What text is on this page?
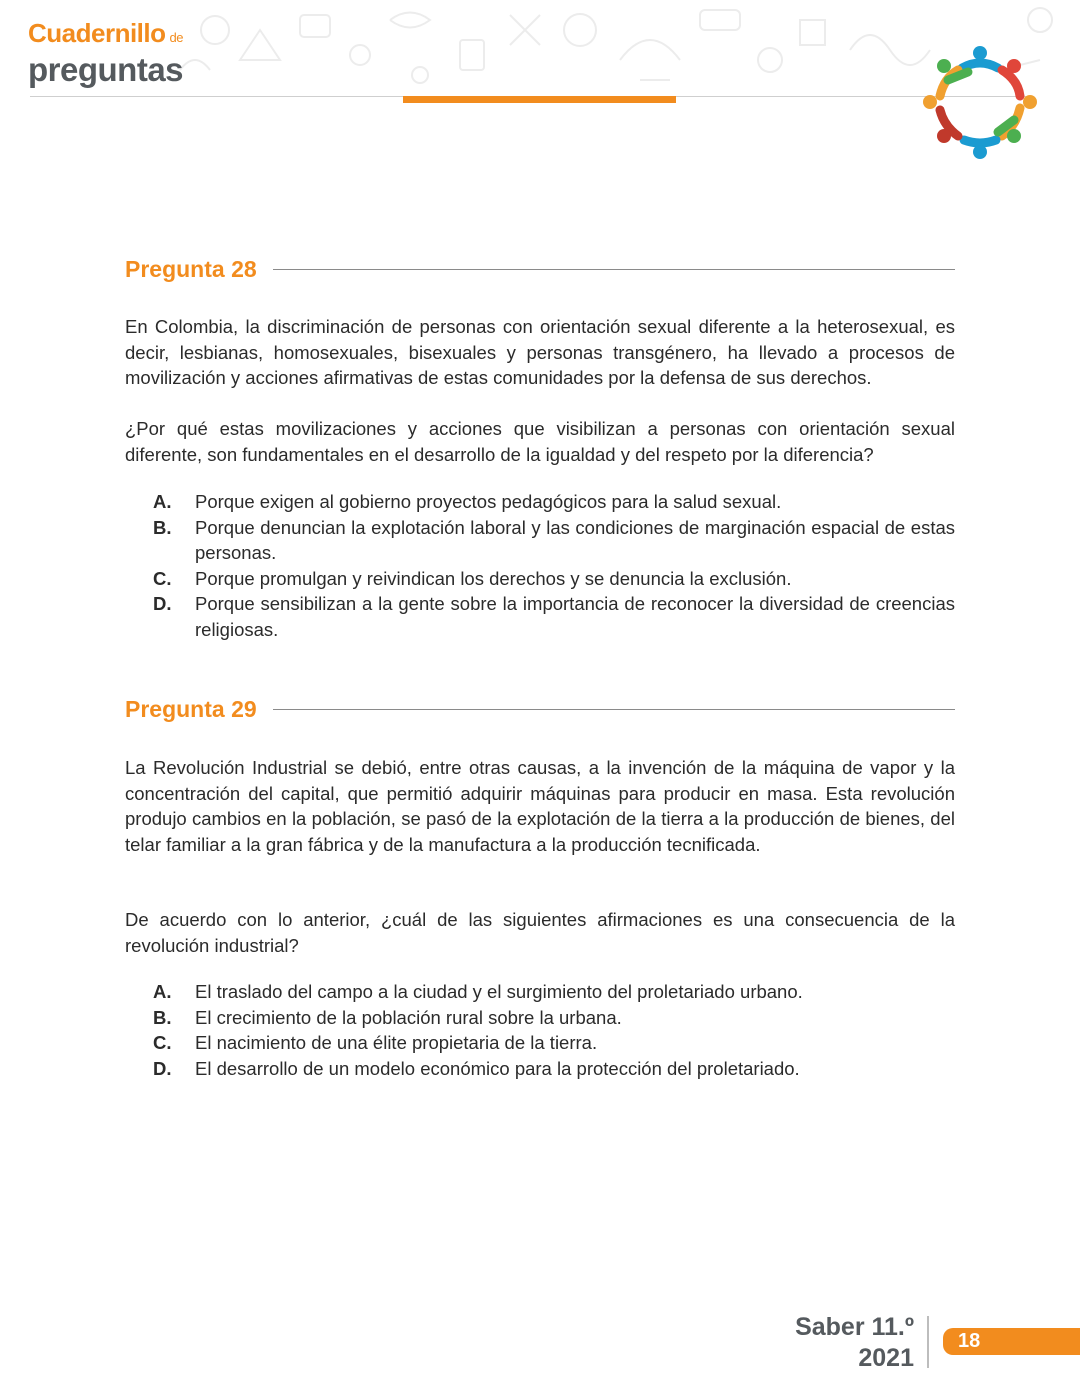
Cuadernillo de
preguntas
Pregunta 28

En Colombia, la discriminación de personas con orientación sexual diferente a la heterosexual, es decir, lesbianas, homosexuales, bisexuales y personas transgénero, ha llevado a procesos de movilización y acciones afirmativas de estas comunidades por la defensa de sus derechos.

¿Por qué estas movilizaciones y acciones que visibilizan a personas con orientación sexual diferente, son fundamentales en el desarrollo de la igualdad y del respeto por la diferencia?

A.	Porque exigen al gobierno proyectos pedagógicos para la salud sexual.
B.	Porque denuncian la explotación laboral y las condiciones de marginación espacial de estas personas.
C.	Porque promulgan y reivindican los derechos y se denuncia la exclusión.
D.	Porque sensibilizan a la gente sobre la importancia de reconocer la diversidad de creencias religiosas.
Pregunta 29

La Revolución Industrial se debió, entre otras causas, a la invención de la máquina de vapor y la concentración del capital, que permitió adquirir máquinas para producir en masa. Esta revolución produjo cambios en la población, se pasó de la explotación de la tierra a la producción de bienes, del telar familiar a la gran fábrica y de la manufactura a la producción tecnificada.

De acuerdo con lo anterior, ¿cuál de las siguientes afirmaciones es una consecuencia de la revolución industrial?

A.	El traslado del campo a la ciudad y el surgimiento del proletariado urbano.
B.	El crecimiento de la población rural sobre la urbana.
C.	El nacimiento de una élite propietaria de la tierra.
D.	El desarrollo de un modelo económico para la protección del proletariado.
Saber 11.º
2021
18
